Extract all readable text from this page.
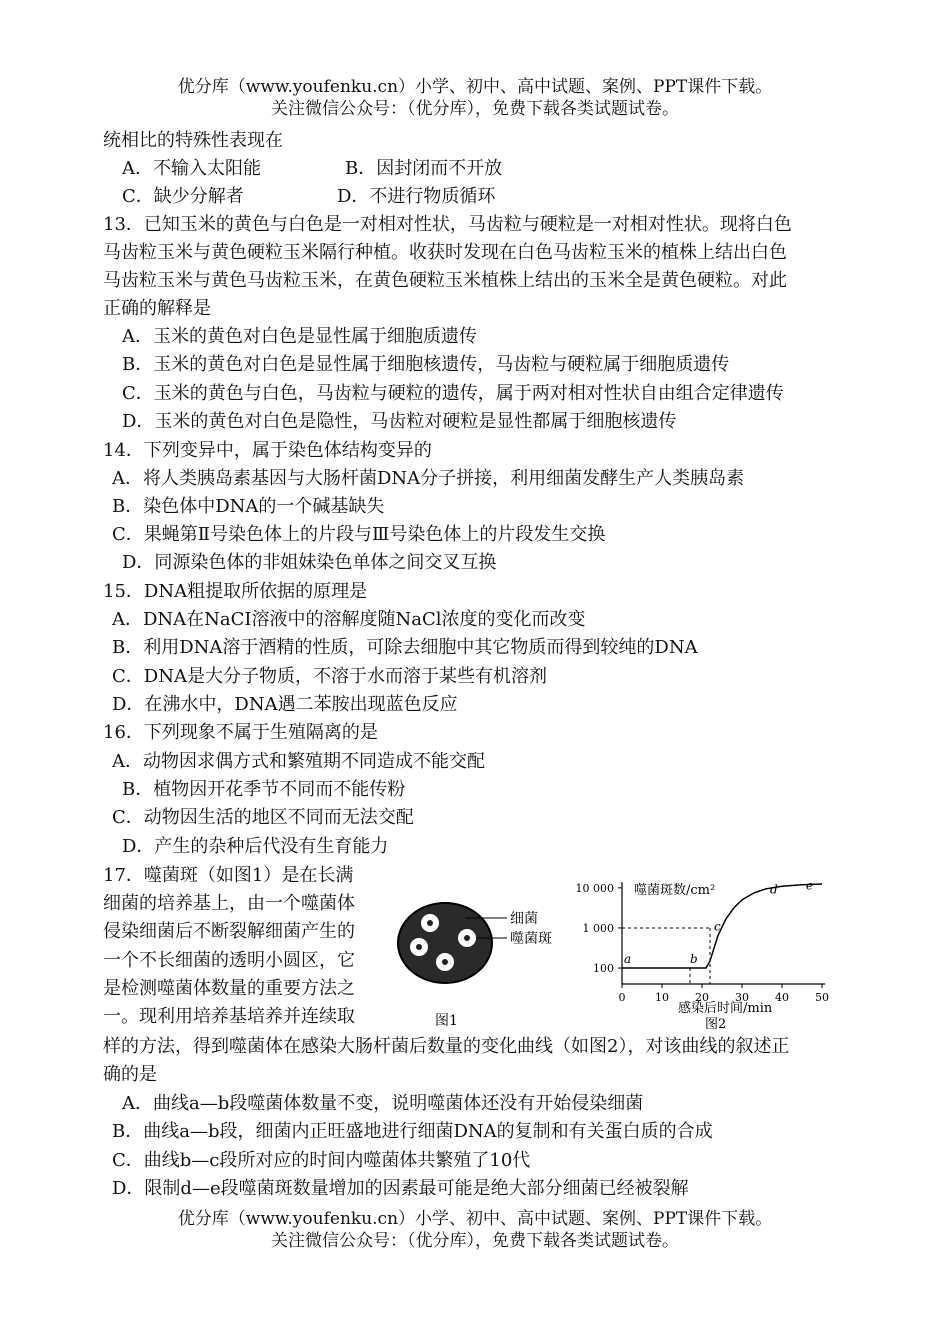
优分库（www.youfenku.cn）小学、初中、高中试题、案例、PPT课件下载。
关注微信公众号：（优分库），免费下载各类试题试卷。
统相比的特殊性表现在
A．不输入太阳能	B．因封闭而不开放
C．缺少分解者	D．不进行物质循环
13．已知玉米的黄色与白色是一对相对性状，马齿粒与硬粒是一对相对性状。现将白色
马齿粒玉米与黄色硬粒玉米隔行种植。收获时发现在白色马齿粒玉米的植株上结出白色
马齿粒玉米与黄色马齿粒玉米，在黄色硬粒玉米植株上结出的玉米全是黄色硬粒。对此
正确的解释是
A．玉米的黄色对白色是显性属于细胞质遗传
B．玉米的黄色对白色是显性属于细胞核遗传，马齿粒与硬粒属于细胞质遗传
C．玉米的黄色与白色，马齿粒与硬粒的遗传，属于两对相对性状自由组合定律遗传
D．玉米的黄色对白色是隐性，马齿粒对硬粒是显性都属于细胞核遗传
14．下列变异中，属于染色体结构变异的
A．将人类胰岛素基因与大肠杆菌DNA分子拼接，利用细菌发酵生产人类胰岛素
B．染色体中DNA的一个碱基缺失
C．果蝇第Ⅱ号染色体上的片段与Ⅲ号染色体上的片段发生交换
D．同源染色体的非姐妹染色单体之间交叉互换
15．DNA粗提取所依据的原理是
A．DNA在NaCI溶液中的溶解度随NaCl浓度的变化而改变
B．利用DNA溶于酒精的性质，可除去细胞中其它物质而得到较纯的DNA
C．DNA是大分子物质，不溶于水而溶于某些有机溶剂
D．在沸水中，DNA遇二苯胺出现蓝色反应
16．下列现象不属于生殖隔离的是
A．动物因求偶方式和繁殖期不同造成不能交配
B．植物因开花季节不同而不能传粉
C．动物因生活的地区不同而无法交配
D．产生的杂种后代没有生育能力
17．噬菌斑（如图1）是在长满
细菌的培养基上，由一个噬菌体
侵染细菌后不断裂解细菌产生的
一个不长细菌的透明小圆区，它
是检测噬菌体数量的重要方法之
一。现利用培养基培养并连续取
细菌
噬菌斑
图1
噬菌斑数/cm²
感染后时间/min
图2
100
1 000
10 000
0	10 20 30 40 50
a	b
c
d e
样的方法，得到噬菌体在感染大肠杆菌后数量的变化曲线（如图2），对该曲线的叙述正
确的是
A．曲线a—b段噬菌体数量不变，说明噬菌体还没有开始侵染细菌
B．曲线a—b段，细菌内正旺盛地进行细菌DNA的复制和有关蛋白质的合成
C．曲线b—c段所对应的时间内噬菌体共繁殖了10代
D．限制d—e段噬菌斑数量增加的因素最可能是绝大部分细菌已经被裂解
优分库（www.youfenku.cn）小学、初中、高中试题、案例、PPT课件下载。
关注微信公众号：（优分库），免费下载各类试题试卷。
